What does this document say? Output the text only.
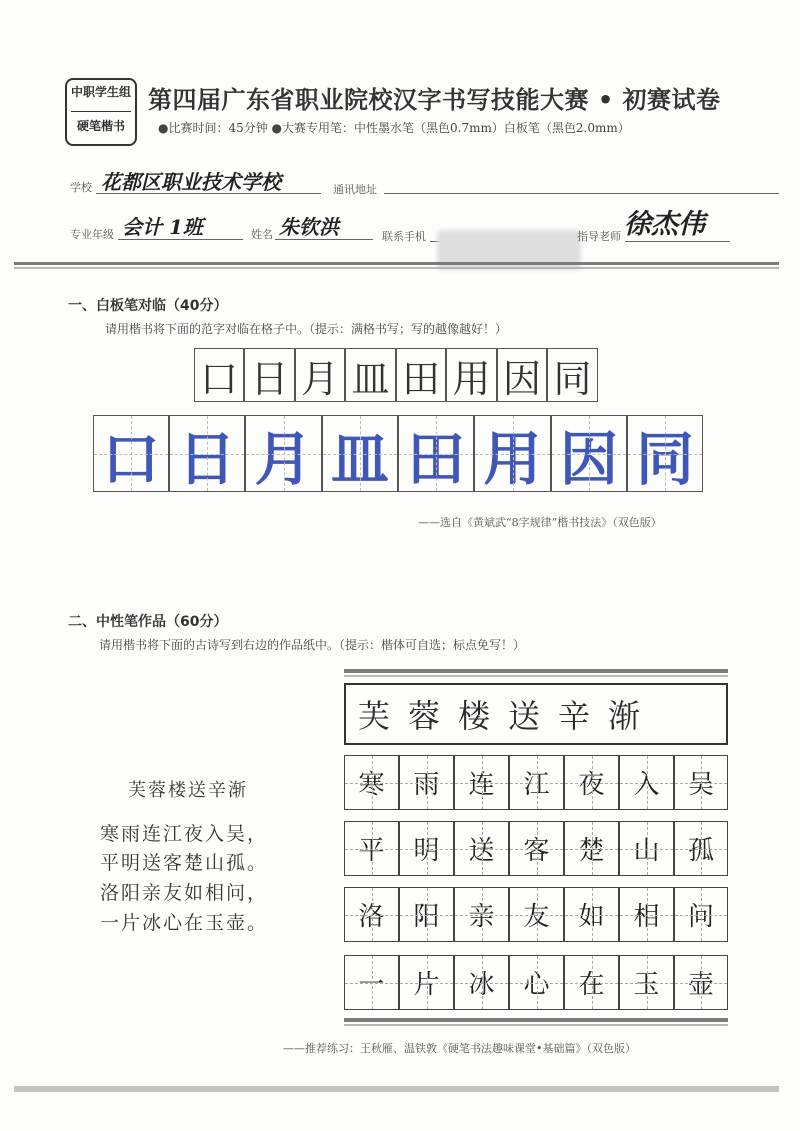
中职学生组
硬笔楷书
第四届广东省职业院校汉字书写技能大赛 • 初赛试卷
●比赛时间：45分钟 ●大赛专用笔：中性墨水笔（黑色0.7mm）白板笔（黑色2.0mm）
学校 花都区职业技术学校	通讯地址
专业年级 会计 1班	姓名 朱钦洪	联系手机	指导老师 徐杰伟
一、白板笔对临（40分）
请用楷书将下面的范字对临在格子中。（提示：满格书写；写的越像越好！）
口 日 月 皿 田 用 因 同
口 日 月 皿 田 用 因 同
——选自《黄斌武“8字规律”楷书技法》（双色版）
二、中性笔作品（60分）
请用楷书将下面的古诗写到右边的作品纸中。（提示：楷体可自选；标点免写！）
芙蓉楼送辛渐
寒雨连江夜入吴，
平明送客楚山孤。
洛阳亲友如相问，
一片冰心在玉壶。
芙蓉楼送辛渐
寒	雨	连	江	夜	入	吴
平	明	送	客	楚	山	孤
洛	阳	亲	友	如	相	问
一	片	冰	心	在	玉	壶
——推荐练习：王秋雁、温铁敦《硬笔书法趣味课堂•基础篇》（双色版）
